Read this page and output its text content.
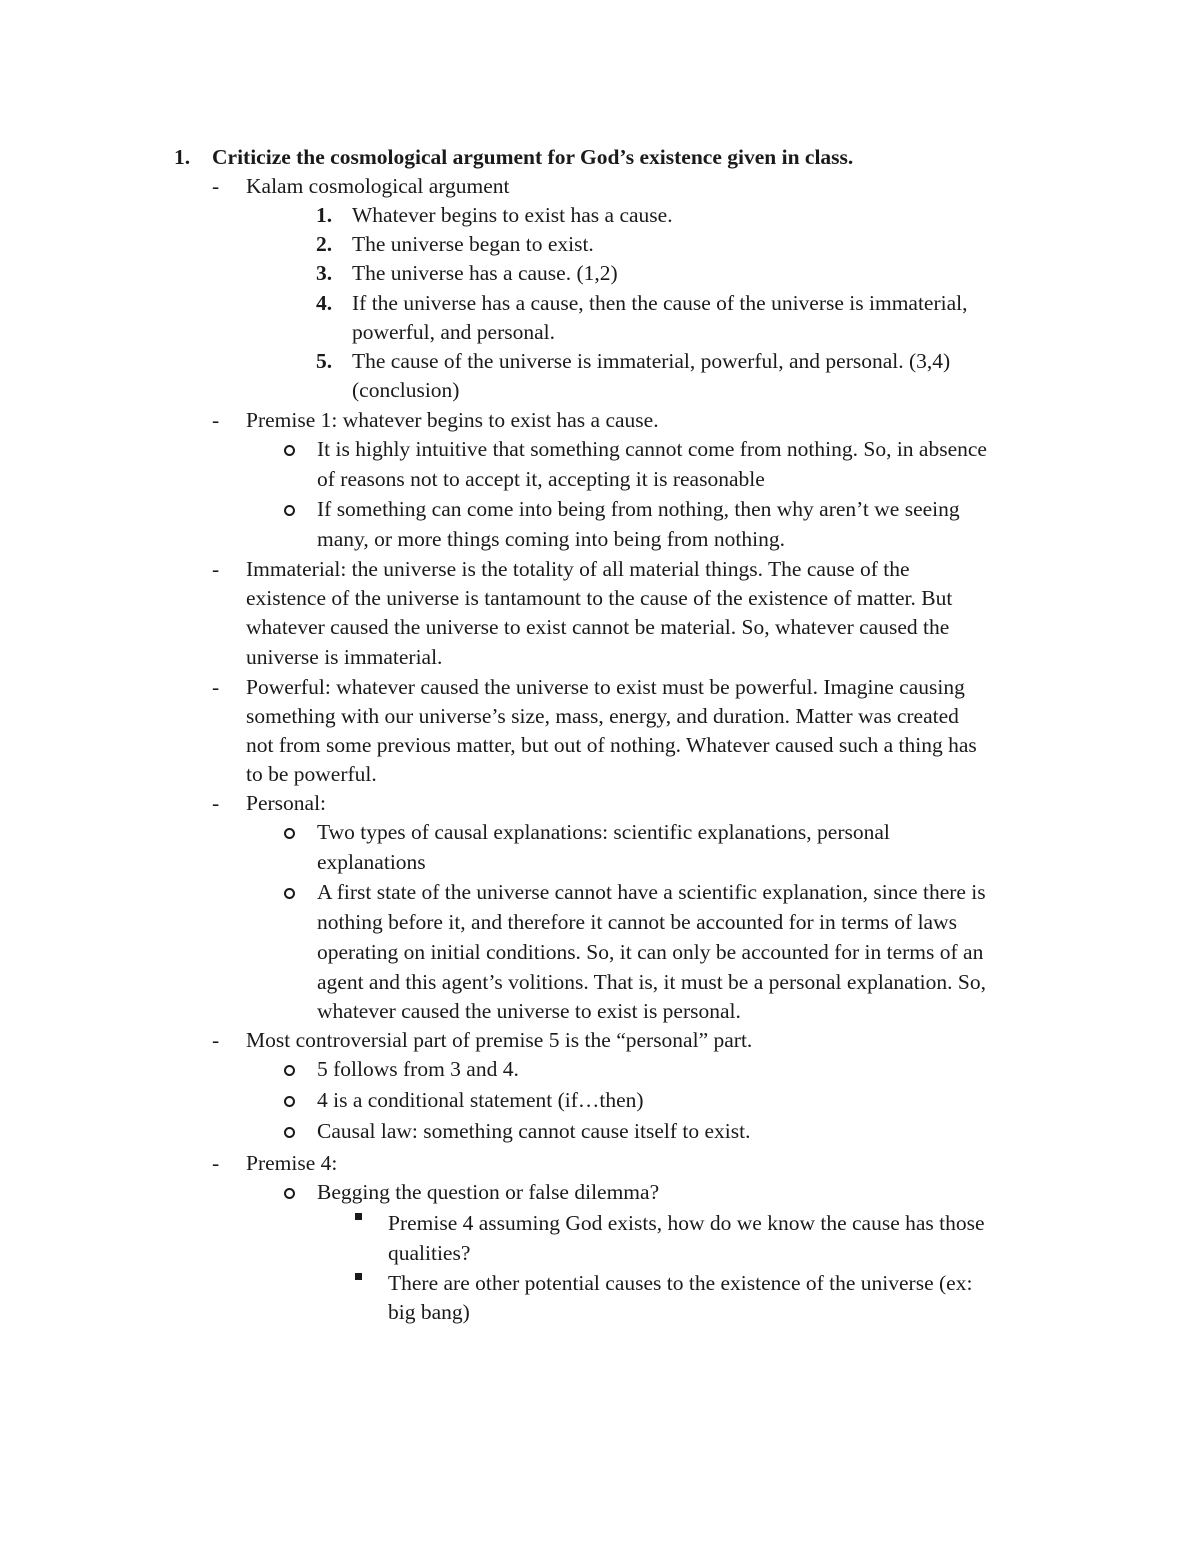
1. Criticize the cosmological argument for God’s existence given in class.
- Kalam cosmological argument
1. Whatever begins to exist has a cause.
2. The universe began to exist.
3. The universe has a cause. (1,2)
4. If the universe has a cause, then the cause of the universe is immaterial,
powerful, and personal.
5. The cause of the universe is immaterial, powerful, and personal. (3,4)
(conclusion)
- Premise 1: whatever begins to exist has a cause.
It is highly intuitive that something cannot come from nothing. So, in absence
of reasons not to accept it, accepting it is reasonable
If something can come into being from nothing, then why aren’t we seeing
many, or more things coming into being from nothing.
- Immaterial: the universe is the totality of all material things. The cause of the
existence of the universe is tantamount to the cause of the existence of matter. But
whatever caused the universe to exist cannot be material. So, whatever caused the
universe is immaterial.
- Powerful: whatever caused the universe to exist must be powerful. Imagine causing
something with our universe’s size, mass, energy, and duration. Matter was created
not from some previous matter, but out of nothing. Whatever caused such a thing has
to be powerful.
- Personal:
Two types of causal explanations: scientific explanations, personal
explanations
A first state of the universe cannot have a scientific explanation, since there is
nothing before it, and therefore it cannot be accounted for in terms of laws
operating on initial conditions. So, it can only be accounted for in terms of an
agent and this agent’s volitions. That is, it must be a personal explanation. So,
whatever caused the universe to exist is personal.
- Most controversial part of premise 5 is the “personal” part.
5 follows from 3 and 4.
4 is a conditional statement (if…then)
Causal law: something cannot cause itself to exist.
- Premise 4:
Begging the question or false dilemma?
Premise 4 assuming God exists, how do we know the cause has those
qualities?
There are other potential causes to the existence of the universe (ex:
big bang)
